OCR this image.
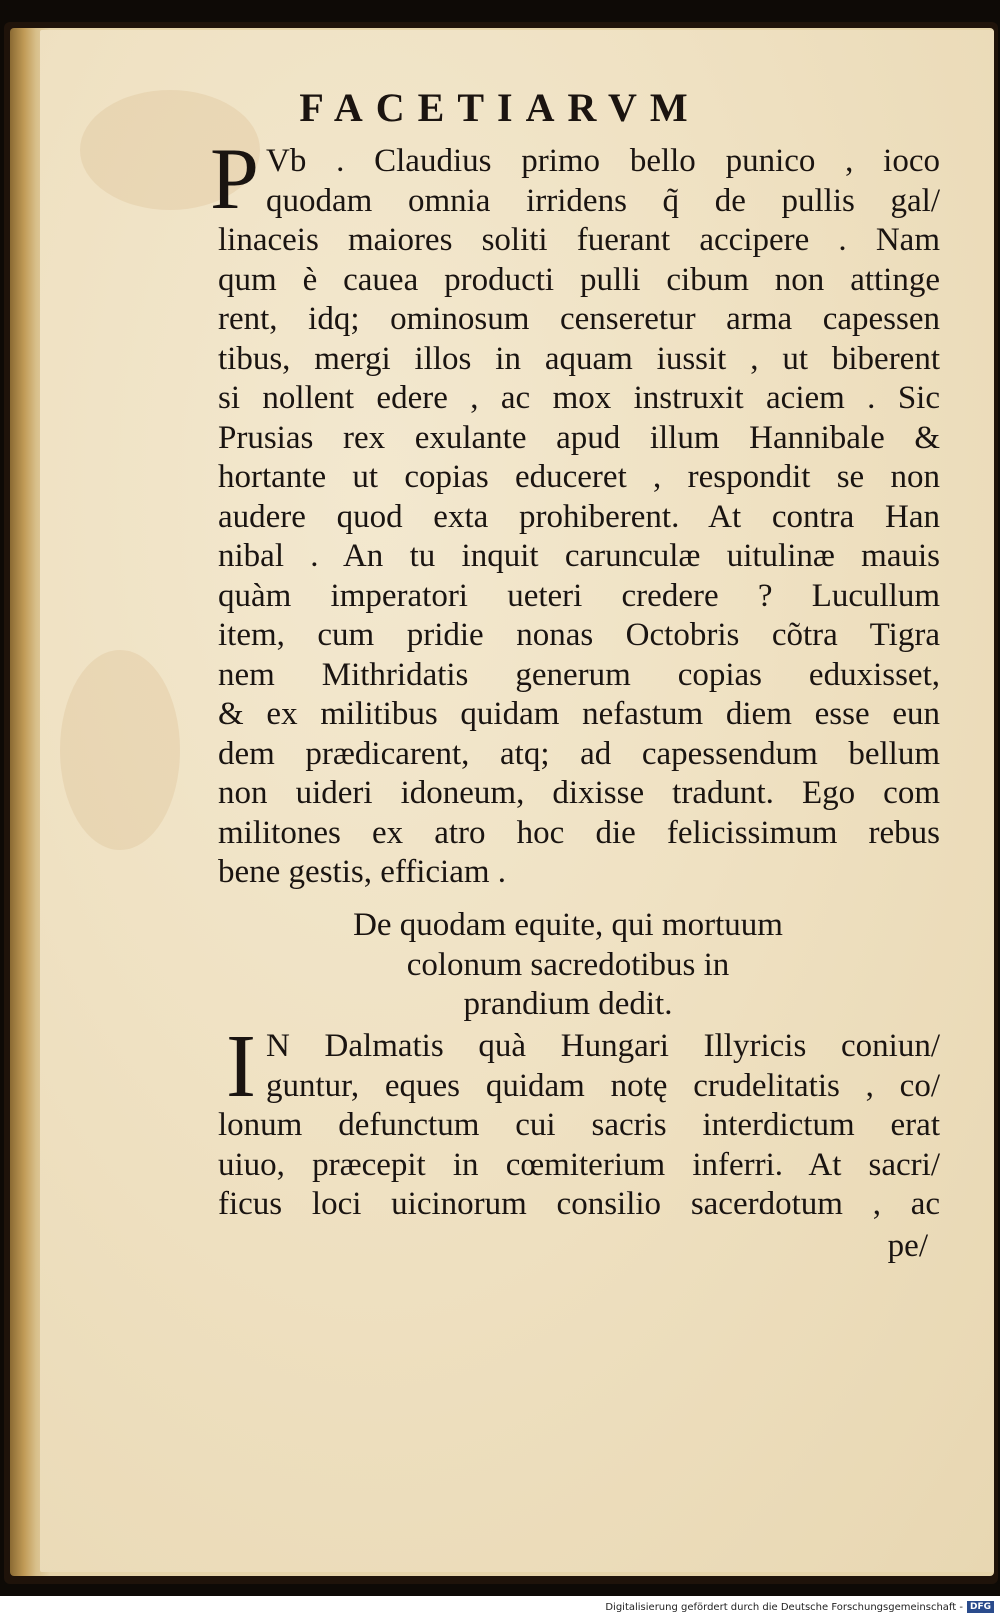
FACETIARVM
P Vb . Claudius primo bello punico , ioco
quodam omnia irridens q̃ de pullis gal/
linaceis maiores soliti fuerant accipere . Nam
qum è cauea producti pulli cibum non attinge
rent, idq; ominosum censeretur arma capessen
tibus, mergi illos in aquam iussit , ut biberent
si nollent edere , ac mox instruxit aciem . Sic
Prusias rex exulante apud illum Hannibale &
hortante ut copias educeret , respondit se non
audere quod exta prohiberent. At contra Han
nibal . An tu inquit carunculæ uitulinæ mauis
quàm imperatori ueteri credere ? Lucullum
item, cum pridie nonas Octobris cõtra Tigra
nem Mithridatis generum copias eduxisset,
& ex militibus quidam nefastum diem esse eun
dem prædicarent, atq; ad capessendum bellum
non uideri idoneum, dixisse tradunt. Ego com
militones ex atro hoc die felicissimum rebus
bene gestis, efficiam .
De quodam equite, qui mortuum
colonum sacredotibus in
prandium dedit.
I N Dalmatis quà Hungari Illyricis coniun/
guntur, eques quidam notę crudelitatis , co/
lonum defunctum cui sacris interdictum erat
uiuo, præcepit in cœmiterium inferri. At sacri/
ficus loci uicinorum consilio sacerdotum , ac
pe/
Digitalisierung gefördert durch die Deutsche Forschungsgemeinschaft - DFG
